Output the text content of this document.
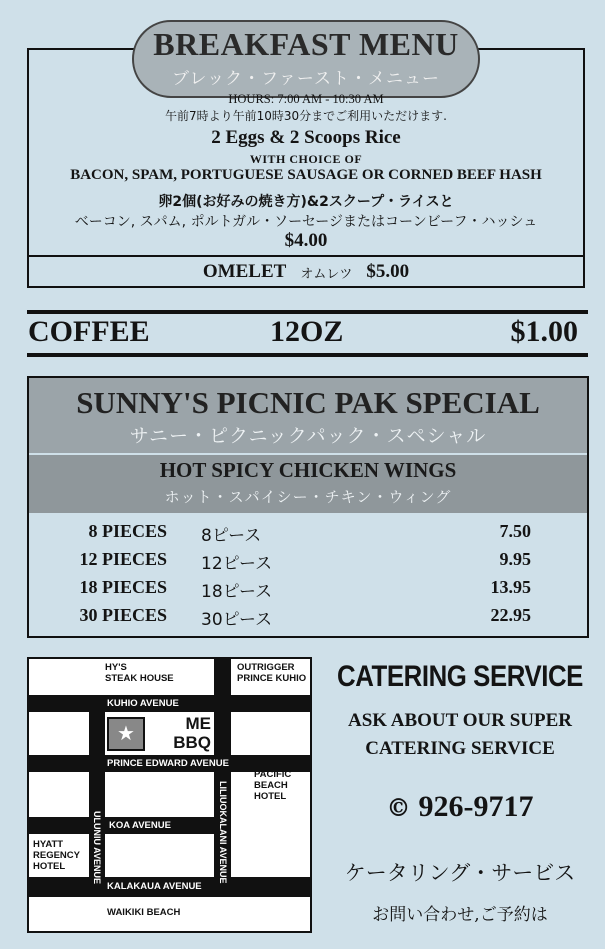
BREAKFAST MENU
ブレック・ファースト・メニュー
HOURS: 7:00 AM - 10:30 AM
午前7時より午前10時30分までご利用いただけます.
2 Eggs & 2 Scoops Rice
WITH CHOICE OF
BACON, SPAM, PORTUGUESE SAUSAGE OR CORNED BEEF HASH
卵2個(お好みの焼き方)&2スクープ・ライスと
ベーコン, スパム, ポルトガル・ソーセージまたはコーンビーフ・ハッシュ
$4.00
OMELET オムレツ $5.00
COFFEE	12OZ	$1.00
SUNNY'S PICNIC PAK SPECIAL
サニー・ピクニックパック・スペシャル
HOT SPICY CHICKEN WINGS
ホット・スパイシー・チキン・ウィング
8 PIECES 8ピース	7.50
12 PIECES 12ピース	9.95
18 PIECES 18ピース	13.95
30 PIECES 30ピース	22.95
HY'S
STEAK HOUSE
OUTRIGGER
PRINCE KUHIO
KUHIO AVENUE
★	ME
BBQ
PRINCE EDWARD AVENUE
PACIFIC
BEACH
HOTEL
KOA AVENUE
ULUNIU AVENUE	LILIUOKALANI AVENUE
HYATT
REGENCY
HOTEL
KALAKAUA AVENUE
WAIKIKI BEACH
CATERING SERVICE
ASK ABOUT OUR SUPER
CATERING SERVICE
© 926-9717
ケータリング・サービス
お問い合わせ,ご予約は
